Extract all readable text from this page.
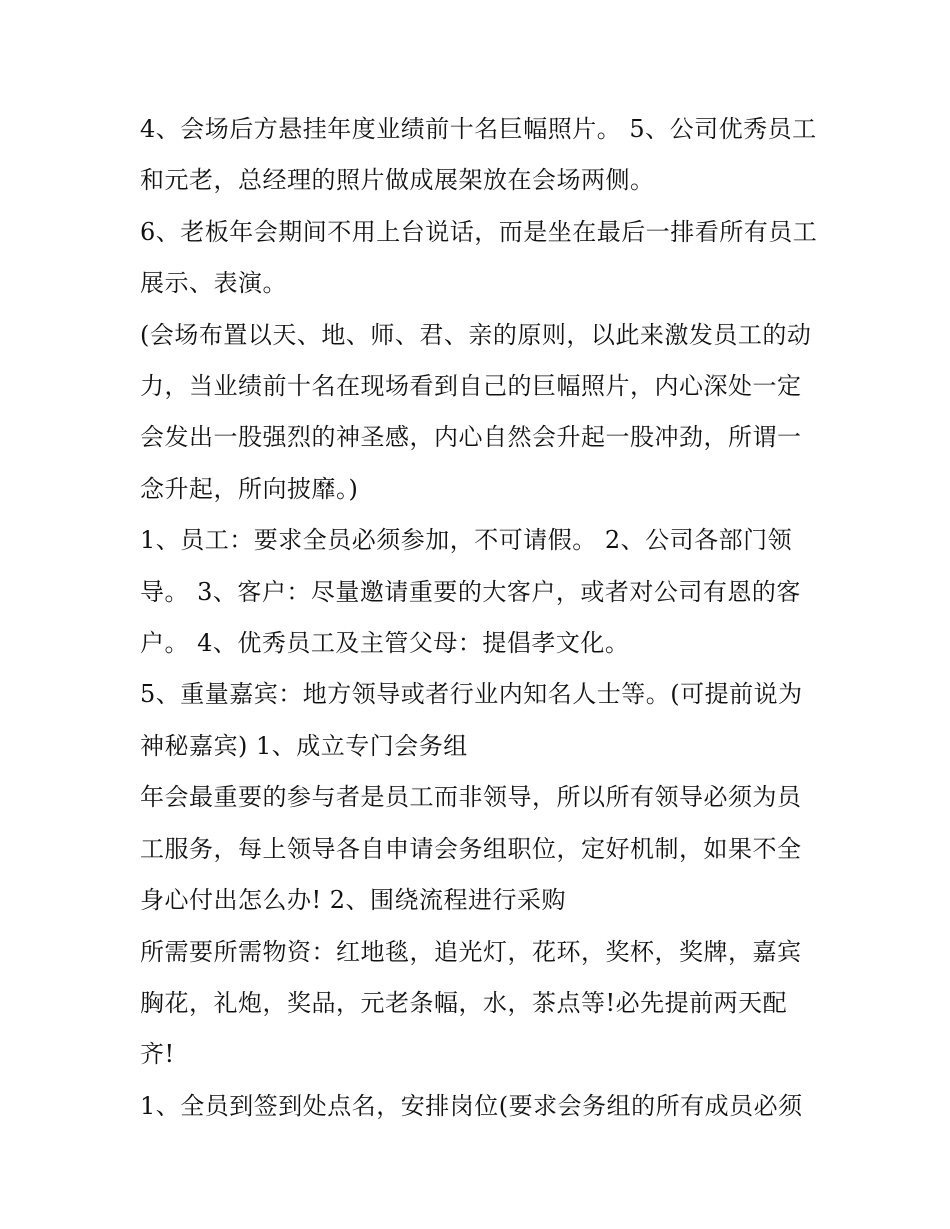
4、会场后方悬挂年度业绩前十名巨幅照片。 5、公司优秀员工和元老，总经理的照片做成展架放在会场两侧。

6、老板年会期间不用上台说话，而是坐在最后一排看所有员工展示、表演。

(会场布置以天、地、师、君、亲的原则，以此来激发员工的动力，当业绩前十名在现场看到自己的巨幅照片，内心深处一定会发出一股强烈的神圣感，内心自然会升起一股冲劲，所谓一念升起，所向披靡。)

1、员工：要求全员必须参加，不可请假。 2、公司各部门领导。 3、客户：尽量邀请重要的大客户，或者对公司有恩的客户。 4、优秀员工及主管父母：提倡孝文化。

5、重量嘉宾：地方领导或者行业内知名人士等。(可提前说为神秘嘉宾) 1、成立专门会务组

年会最重要的参与者是员工而非领导，所以所有领导必须为员工服务，每上领导各自申请会务组职位，定好机制，如果不全身心付出怎么办! 2、围绕流程进行采购

所需要所需物资：红地毯，追光灯，花环，奖杯，奖牌，嘉宾胸花，礼炮，奖品，元老条幅，水，茶点等!必先提前两天配齐!

1、全员到签到处点名，安排岗位(要求会务组的所有成员必须
